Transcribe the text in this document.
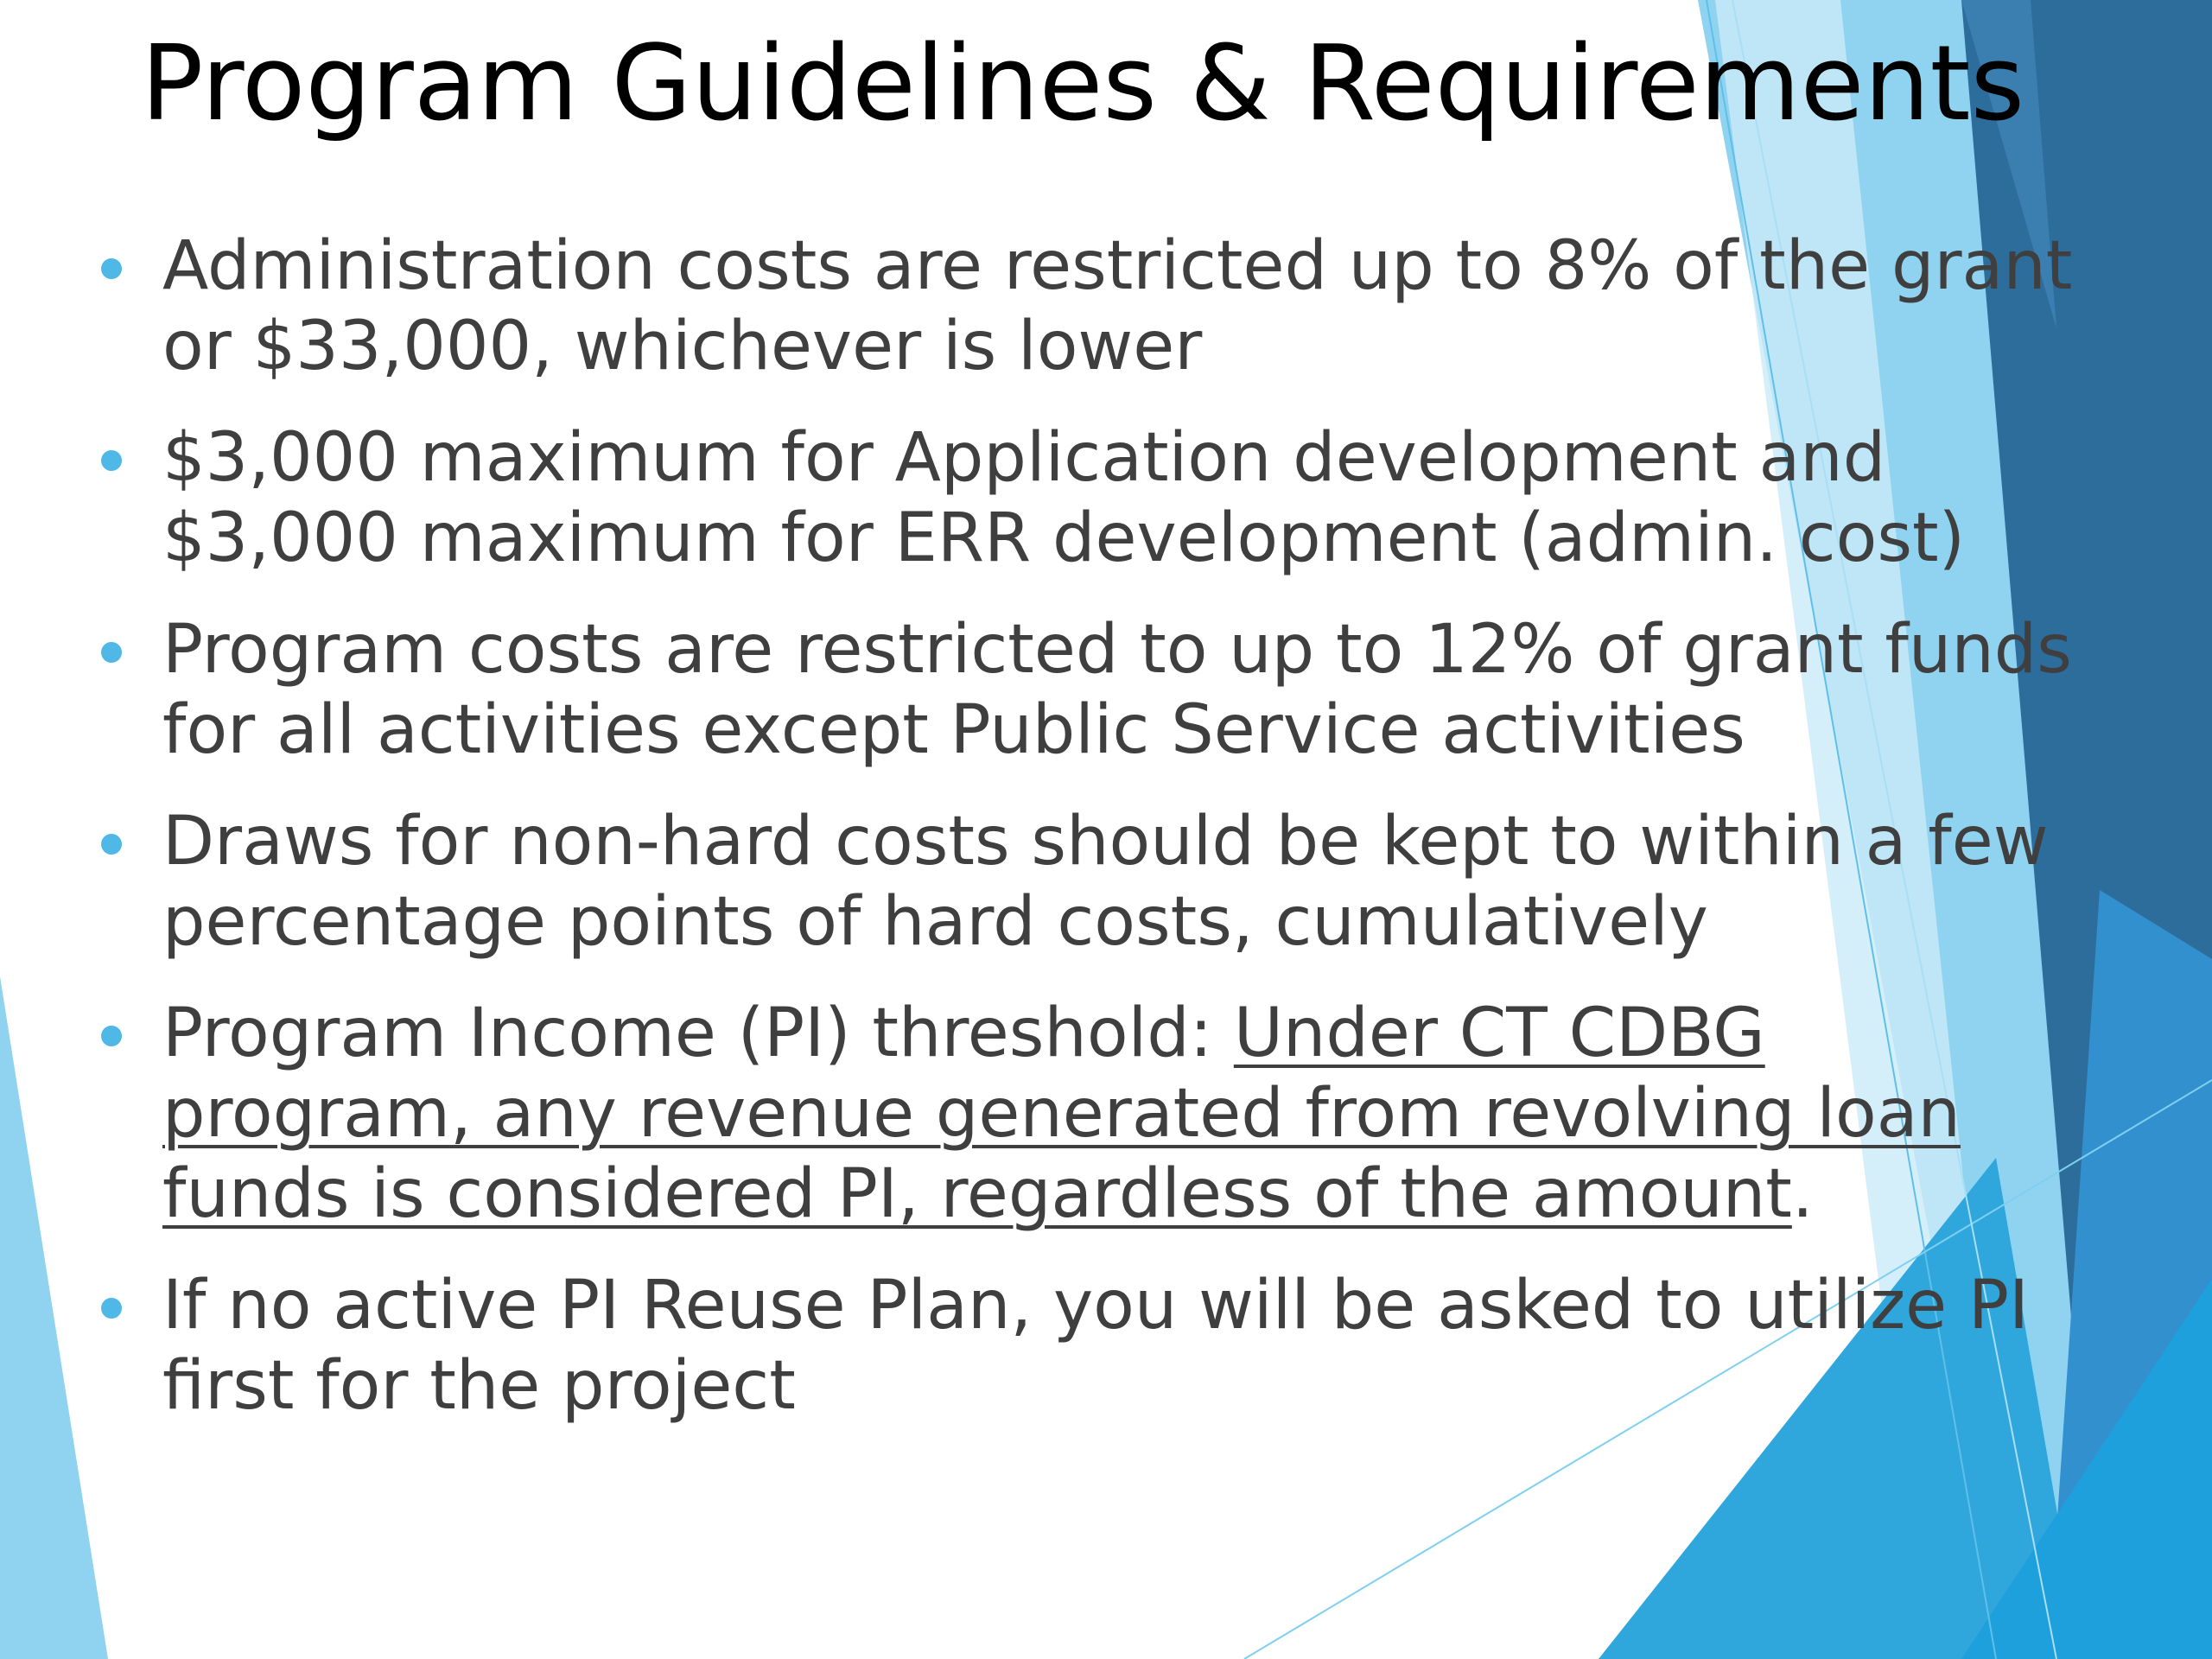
Program Guidelines & Requirements
Administration costs are restricted up to 8% of the grant or $33,000, whichever is lower
$3,000 maximum for Application development and $3,000 maximum for ERR development (admin. cost)
Program costs are restricted to up to 12% of grant funds for all activities except Public Service activities
Draws for non-hard costs should be kept to within a few percentage points of hard costs, cumulatively
Program Income (PI) threshold: Under CT CDBG program, any revenue generated from revolving loan funds is considered PI, regardless of the amount.
If no active PI Reuse Plan, you will be asked to utilize PI first for the project
